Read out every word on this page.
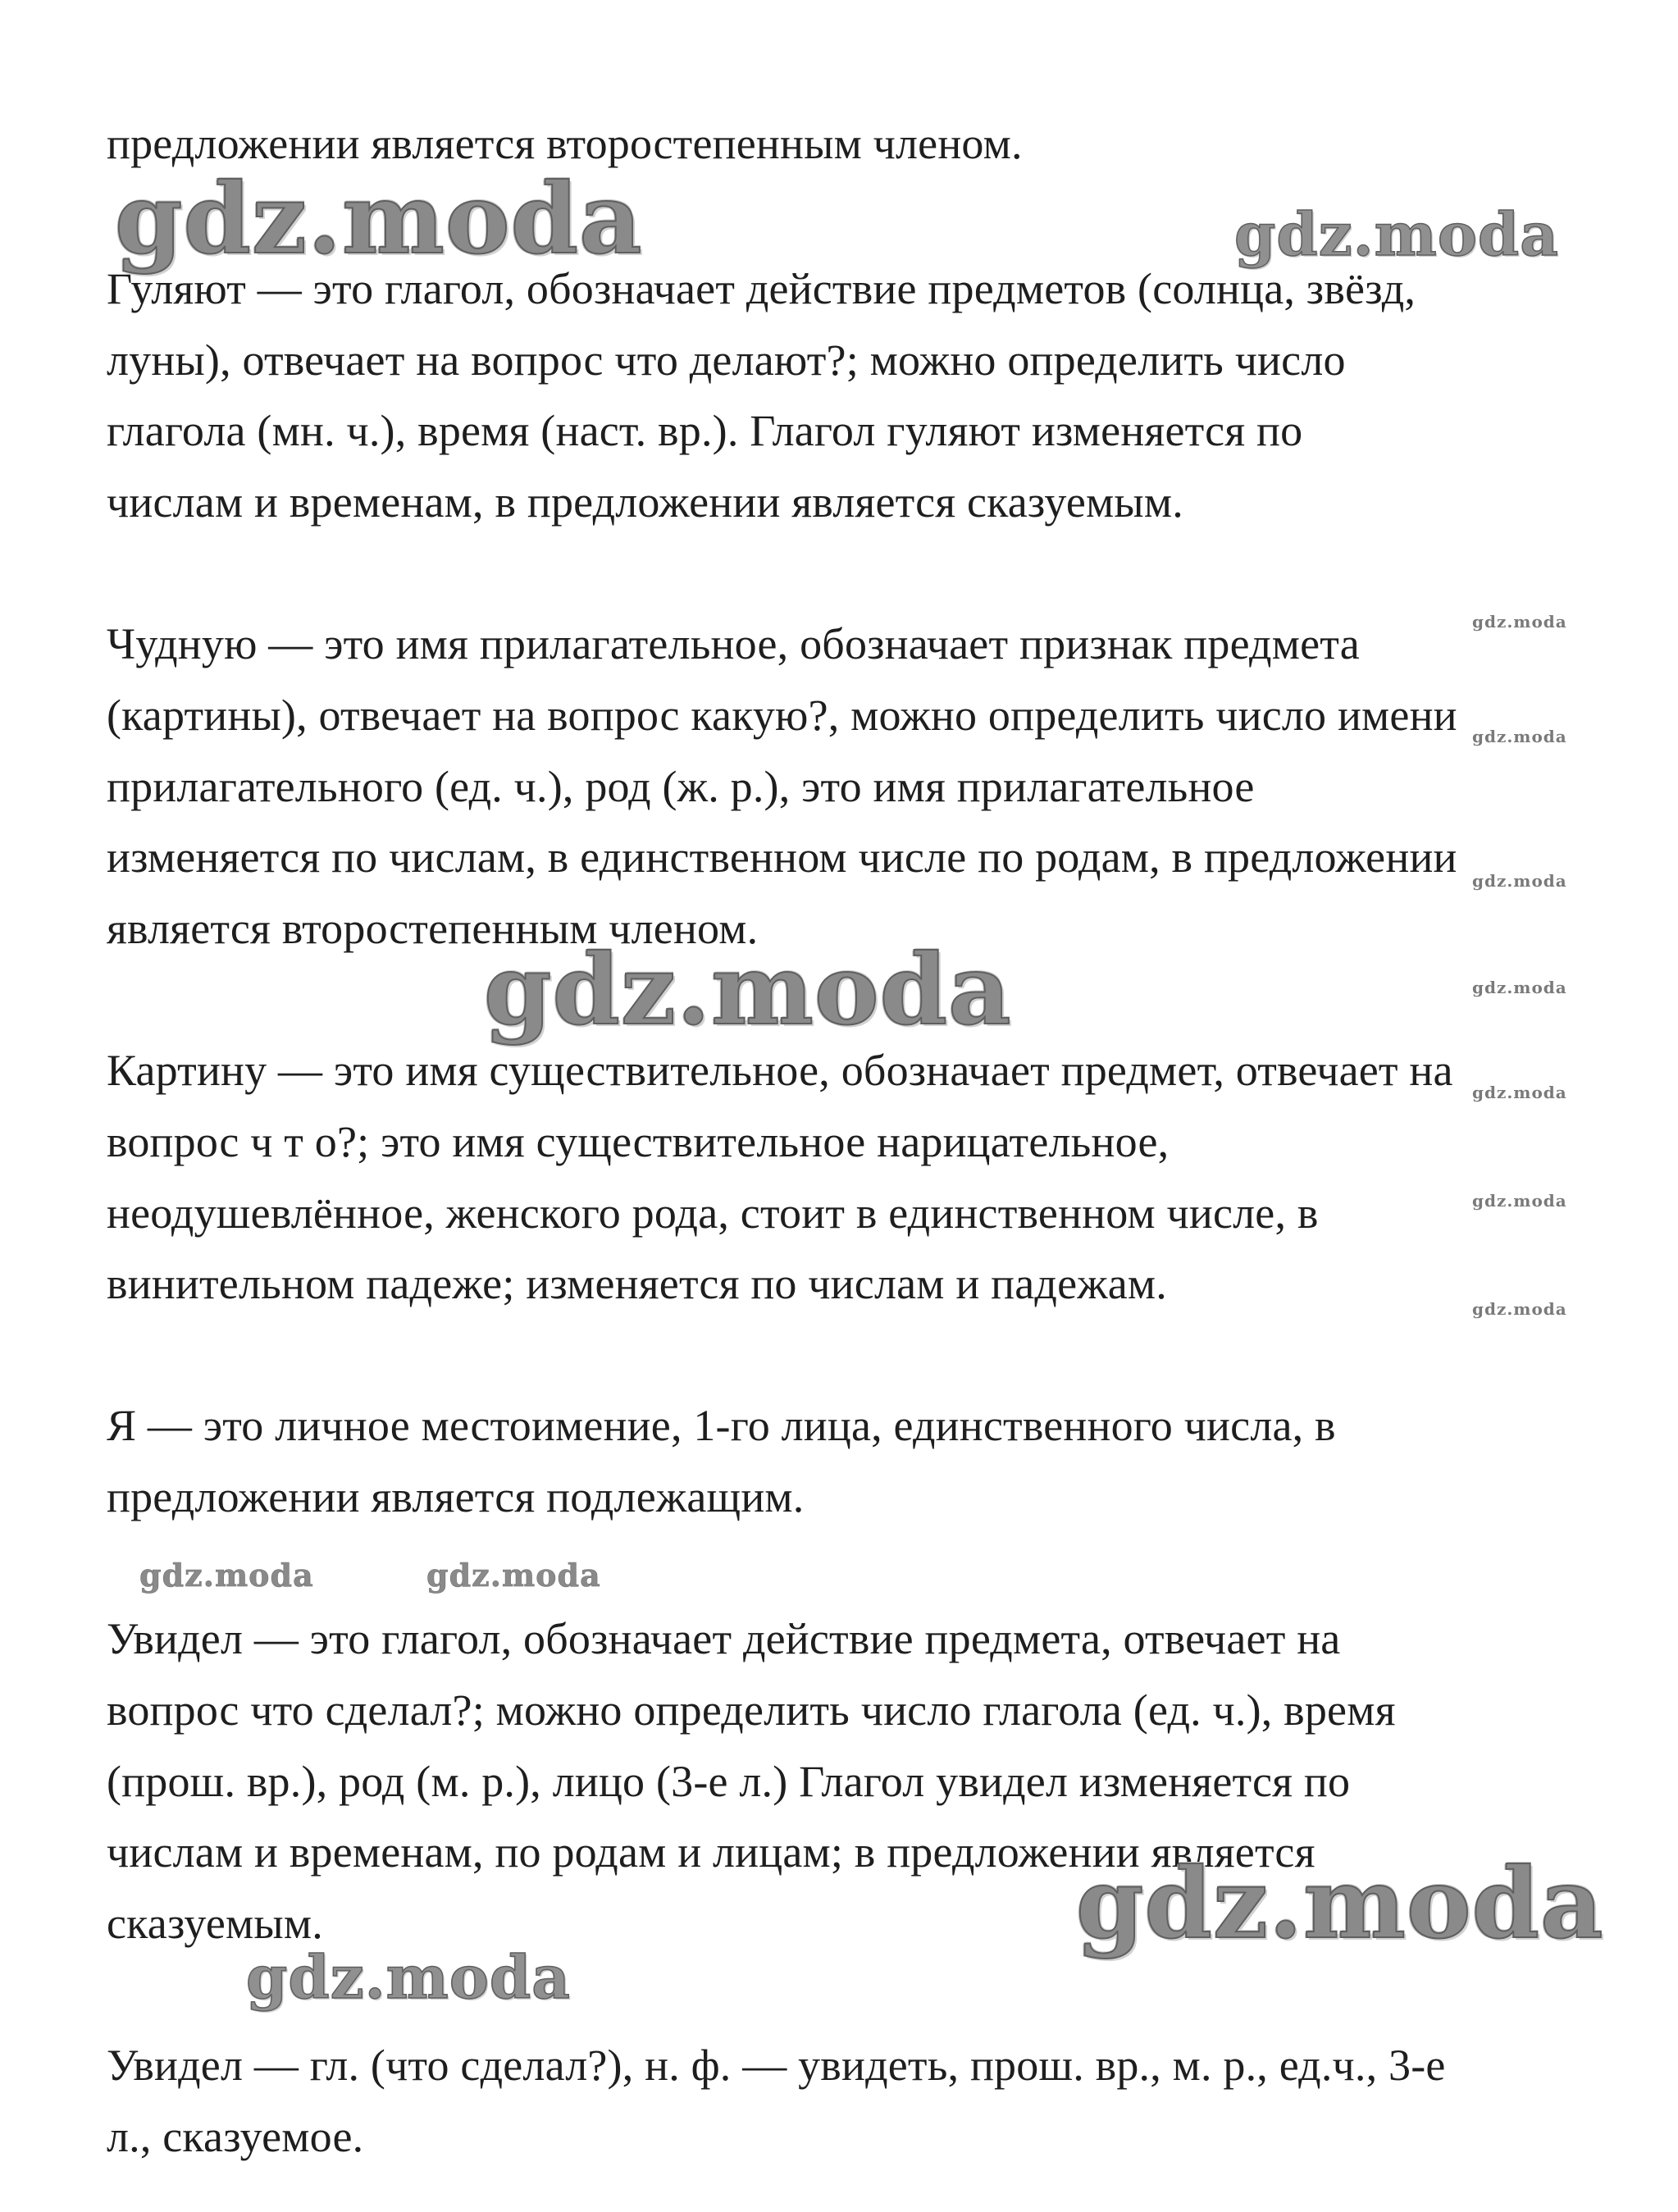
предложении является второстепенным членом.
Гуляют — это глагол, обозначает действие предметов (солнца, звёзд,
луны), отвечает на вопрос что делают?; можно определить число
глагола (мн. ч.), время (наст. вр.). Глагол гуляют изменяется по
числам и временам, в предложении является сказуемым.
Чудную — это имя прилагательное, обозначает признак предмета
(картины), отвечает на вопрос какую?, можно определить число имени
прилагательного (ед. ч.), род (ж. р.), это имя прилагательное
изменяется по числам, в единственном числе по родам, в предложении
является второстепенным членом.
Картину — это имя существительное, обозначает предмет, отвечает на
вопрос ч т о?; это имя существительное нарицательное,
неодушевлённое, женского рода, стоит в единственном числе, в
винительном падеже; изменяется по числам и падежам.
Я — это личное местоимение, 1-го лица, единственного числа, в
предложении является подлежащим.
Увидел — это глагол, обозначает действие предмета, отвечает на
вопрос что сделал?; можно определить число глагола (ед. ч.), время
(прош. вр.), род (м. р.), лицо (3-е л.) Глагол увидел изменяется по
числам и временам, по родам и лицам; в предложении является
сказуемым.
Увидел — гл. (что сделал?), н. ф. — увидеть, прош. вр., м. р., ед.ч., 3-е
л., сказуемое.
gdz.moda	gdz.moda
gdz.moda
gdz.moda
gdz.moda
gdz.moda	gdz.moda
gdz.moda
gdz.moda
gdz.moda
gdz.moda	gdz.moda
gdz.moda
gdz.moda
